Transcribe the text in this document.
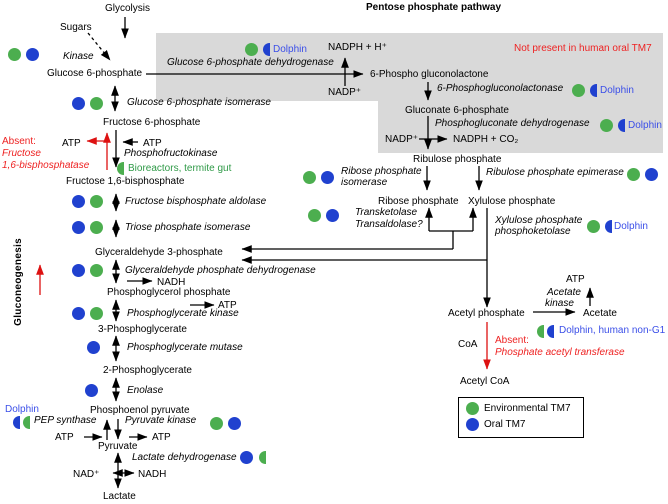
Glycolysis	Pentose phosphate pathway
Not present in human oral TM7
Sugars
Gluconeogenesis
Glucose 6-phosphate
Fructose 6-phosphate
Fructose 1,6-bisphosphate
Glyceraldehyde 3-phosphate
Phosphoglycerol phosphate
3-Phosphoglycerate
2-Phosphoglycerate
Phosphoenol pyruvate
Pyruvate
Lactate
6-Phospho gluconolactone
Gluconate 6-phosphate
Ribulose phosphate
Ribose phosphate Xylulose phosphate
Acetyl phosphate	Acetate
Acetyl CoA
CoA
ATP	ATP
NADH
ATP
ATP	ATP
NAD⁺	NADH
NADPH + H⁺
NADP⁺
NADP⁺	NADPH + CO₂
ATP
Kinase
Glucose 6-phosphate isomerase
Phosphofructokinase
Bioreactors, termite gut
Absent:
Fructose
1,6-bisphosphatase
Fructose bisphosphate aldolase
Triose phosphate isomerase
Glyceraldehyde phosphate dehydrogenase
Phosphoglycerate kinase
Phosphoglycerate mutase
Enolase
Dolphin
PEP synthase	Pyruvate kinase
Lactate dehydrogenase
Dolphin
Glucose 6-phosphate dehydrogenase
6-Phosphogluconolactonase	Dolphin
Phosphogluconate dehydrogenase	Dolphin
Ribose phosphate
isomerase
Ribulose phosphate epimerase
Transketolase
Transaldolase?	Xylulose phosphate
phosphoketolase	Dolphin
Acetate
kinase
Dolphin, human non-G1
Absent:
Phosphate acetyl transferase
Environmental TM7
Oral TM7
